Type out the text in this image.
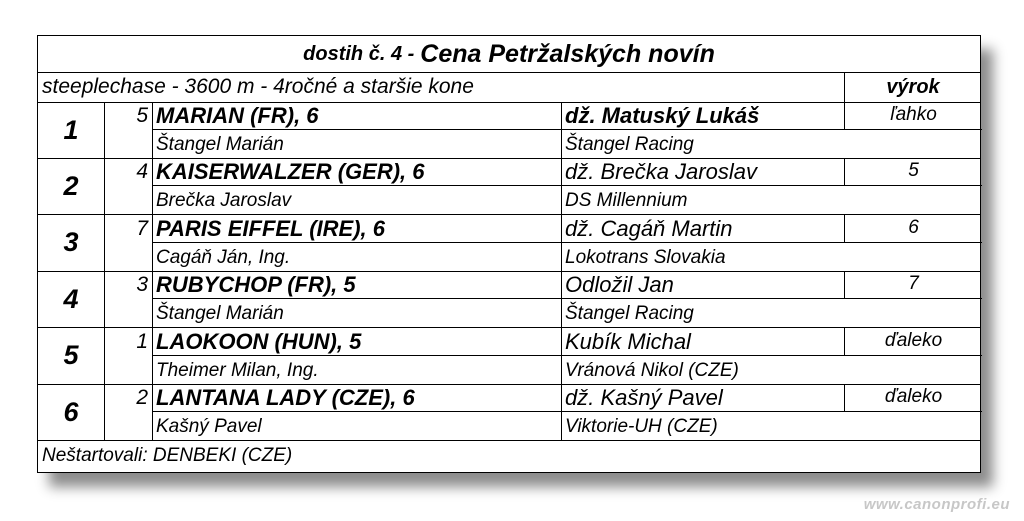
dostih č. 4 - Cena Petržalských novín
steeplechase - 3600 m - 4ročné a staršie kone	výrok
1	5 MARIAN (FR), 6	dž. Matuský Lukáš	ľahko
Štangel Marián	Štangel Racing
2	4 KAISERWALZER (GER), 6	dž. Brečka Jaroslav	5
Brečka Jaroslav	DS Millennium
3	7 PARIS EIFFEL (IRE), 6	dž. Cagáň Martin	6
Cagáň Ján, Ing.	Lokotrans Slovakia
4	3 RUBYCHOP (FR), 5	Odložil Jan	7
Štangel Marián	Štangel Racing
5	1 LAOKOON (HUN), 5	Kubík Michal	ďaleko
Theimer Milan, Ing.	Vránová Nikol (CZE)
6	2 LANTANA LADY (CZE), 6	dž. Kašný Pavel	ďaleko
Kašný Pavel	Viktorie-UH (CZE)
Neštartovali: DENBEKI (CZE)
www.canonprofi.eu
